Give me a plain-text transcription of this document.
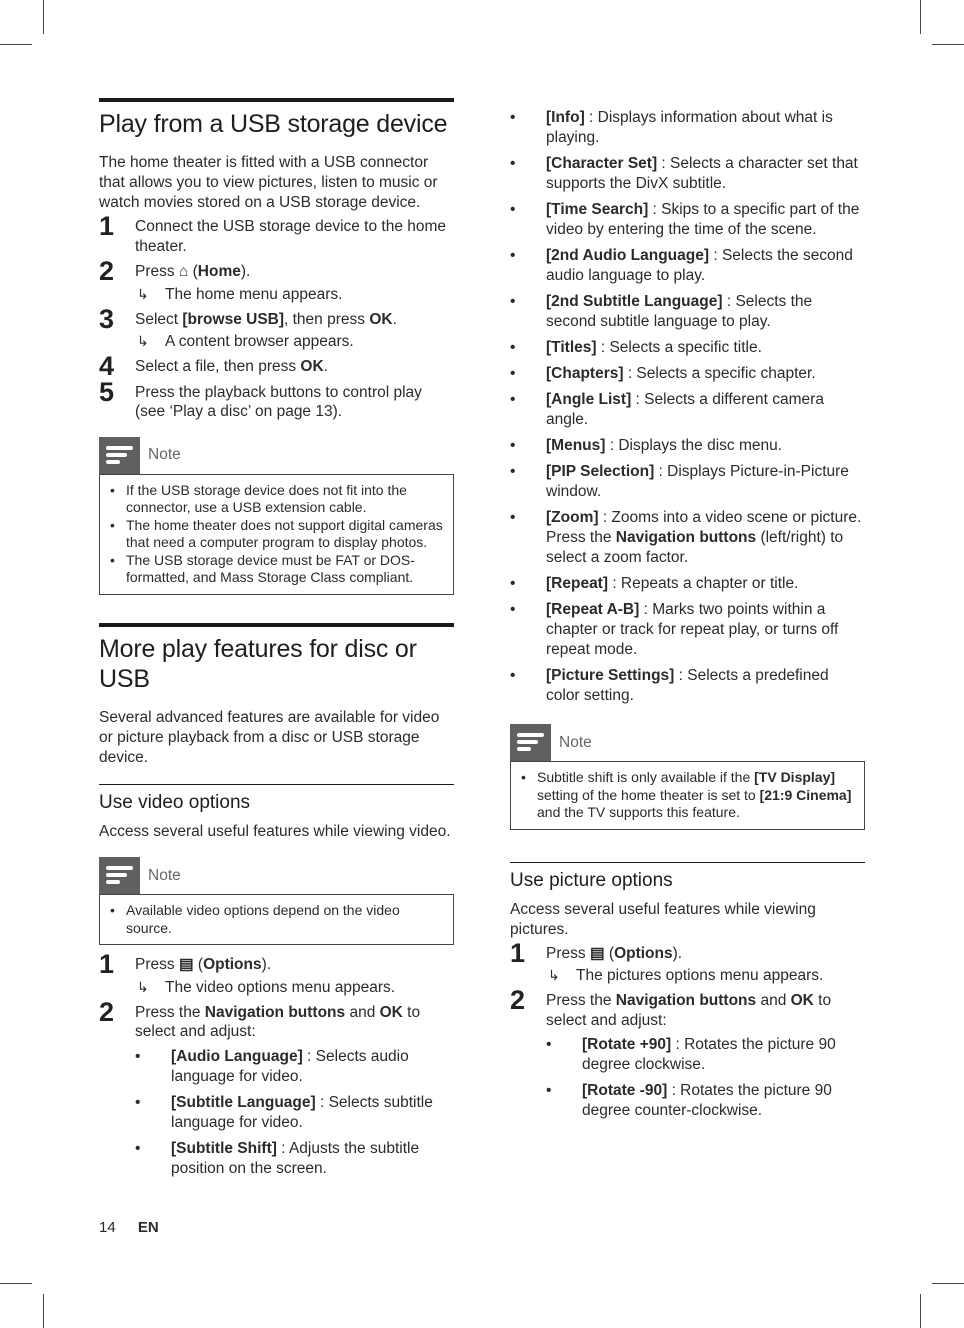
Play from a USB storage device

The home theater is fitted with a USB connector that allows you to view pictures, listen to music or watch movies stored on a USB storage device.

1 Connect the USB storage device to the home theater.
2 Press ⌂ (Home).
↳ The home menu appears.
3 Select [browse USB], then press OK.
↳ A content browser appears.
4 Select a file, then press OK.
5 Press the playback buttons to control play (see ‘Play a disc’ on page 13).
Note
• If the USB storage device does not fit into the connector, use a USB extension cable.
• The home theater does not support digital cameras that need a computer program to display photos.
• The USB storage device must be FAT or DOS-formatted, and Mass Storage Class compliant.
More play features for disc or USB

Several advanced features are available for video or picture playback from a disc or USB storage device.

Use video options

Access several useful features while viewing video.

Note
• Available video options depend on the video source.
1 Press ▤ (Options).
↳ The video options menu appears.
2 Press the Navigation buttons and OK to select and adjust:
• [Audio Language] : Selects audio language for video.
• [Subtitle Language] : Selects subtitle language for video.
• [Subtitle Shift] : Adjusts the subtitle position on the screen.
• [Info] : Displays information about what is playing.
• [Character Set] : Selects a character set that supports the DivX subtitle.
• [Time Search] : Skips to a specific part of the video by entering the time of the scene.
• [2nd Audio Language] : Selects the second audio language to play.
• [2nd Subtitle Language] : Selects the second subtitle language to play.
• [Titles] : Selects a specific title.
• [Chapters] : Selects a specific chapter.
• [Angle List] : Selects a different camera angle.
• [Menus] : Displays the disc menu.
• [PIP Selection] : Displays Picture-in-Picture window.
• [Zoom] : Zooms into a video scene or picture. Press the Navigation buttons (left/right) to select a zoom factor.
• [Repeat] : Repeats a chapter or title.
• [Repeat A-B] : Marks two points within a chapter or track for repeat play, or turns off repeat mode.
• [Picture Settings] : Selects a predefined color setting.
Note
• Subtitle shift is only available if the [TV Display] setting of the home theater is set to [21:9 Cinema] and the TV supports this feature.
Use picture options

Access several useful features while viewing pictures.

1 Press ▤ (Options).
↳ The pictures options menu appears.
2 Press the Navigation buttons and OK to select and adjust:
• [Rotate +90] : Rotates the picture 90 degree clockwise.
• [Rotate -90] : Rotates the picture 90 degree counter-clockwise.
14 EN
